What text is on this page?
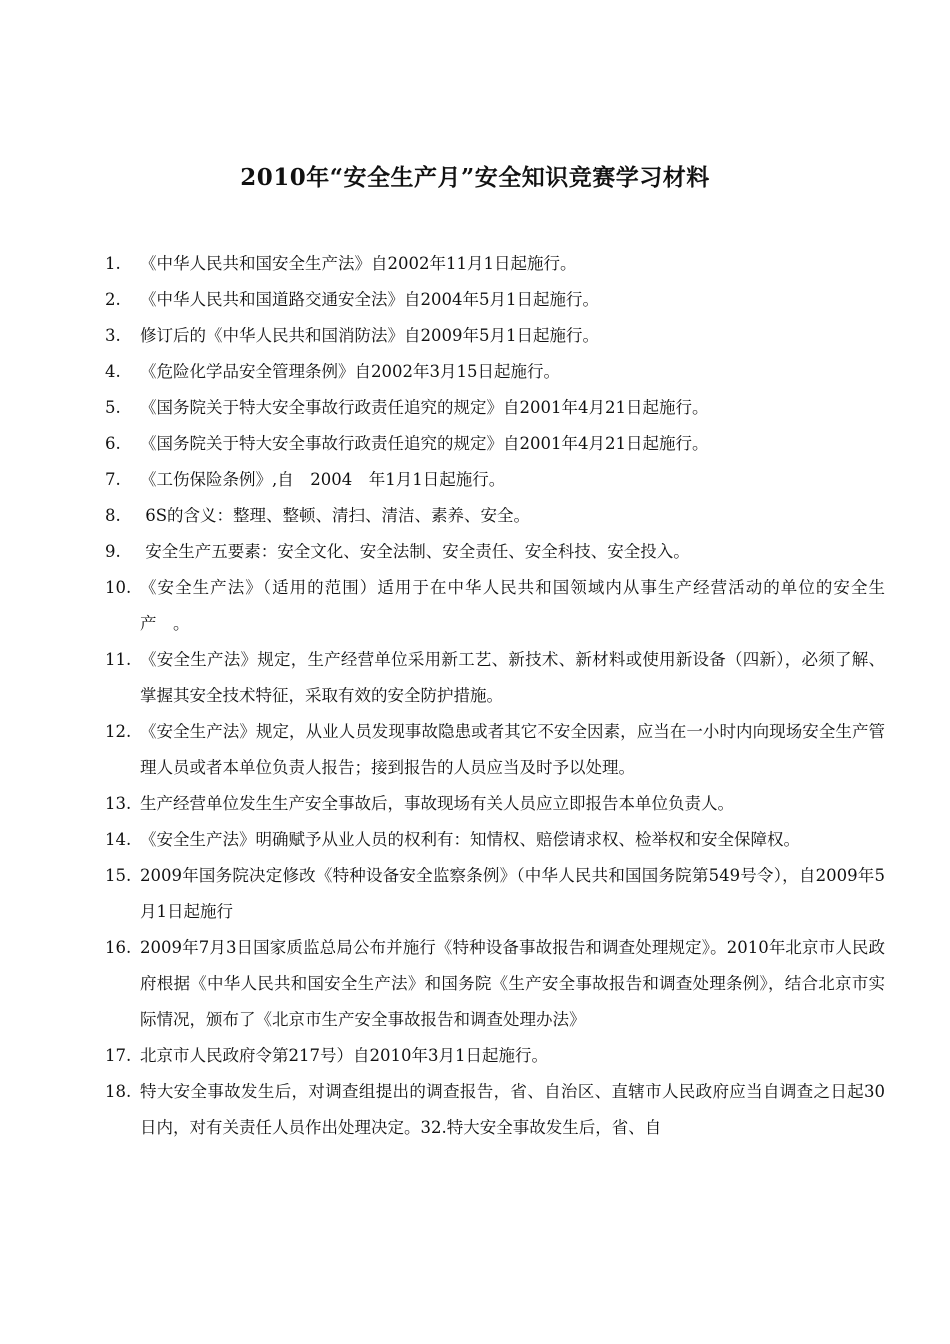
2010年“安全生产月”安全知识竞赛学习材料
1.	《中华人民共和国安全生产法》自2002年11月1日起施行。
2.	《中华人民共和国道路交通安全法》自2004年5月1日起施行。
3.	修订后的《中华人民共和国消防法》自2009年5月1日起施行。
4.	《危险化学品安全管理条例》自2002年3月15日起施行。
5.	《国务院关于特大安全事故行政责任追究的规定》自2001年4月21日起施行。
6.	《国务院关于特大安全事故行政责任追究的规定》自2001年4月21日起施行。
7.	《工伤保险条例》,自　2004　年1月1日起施行。
8.	6S的含义：整理、整顿、清扫、清洁、素养、安全。
9.	安全生产五要素：安全文化、安全法制、安全责任、安全科技、安全投入。
10. 《安全生产法》（适用的范围）适用于在中华人民共和国领域内从事生产经营活动的单位的安全生产　。
11. 《安全生产法》规定，生产经营单位采用新工艺、新技术、新材料或使用新设备（四新），必须了解、掌握其安全技术特征，采取有效的安全防护措施。
12. 《安全生产法》规定，从业人员发现事故隐患或者其它不安全因素，应当在一小时内向现场安全生产管理人员或者本单位负责人报告；接到报告的人员应当及时予以处理。
13. 生产经营单位发生生产安全事故后，事故现场有关人员应立即报告本单位负责人。
14. 《安全生产法》明确赋予从业人员的权利有：知情权、赔偿请求权、检举权和安全保障权。
15. 2009年国务院决定修改《特种设备安全监察条例》（中华人民共和国国务院第549号令），自2009年5月1日起施行
16. 2009年7月3日国家质监总局公布并施行《特种设备事故报告和调查处理规定》。2010年北京市人民政府根据《中华人民共和国安全生产法》和国务院《生产安全事故报告和调查处理条例》，结合北京市实际情况，颁布了《北京市生产安全事故报告和调查处理办法》
17. 北京市人民政府令第217号）自2010年3月1日起施行。
18. 特大安全事故发生后，对调查组提出的调查报告，省、自治区、直辖市人民政府应当自调查之日起30日内，对有关责任人员作出处理决定。32.特大安全事故发生后，省、自
